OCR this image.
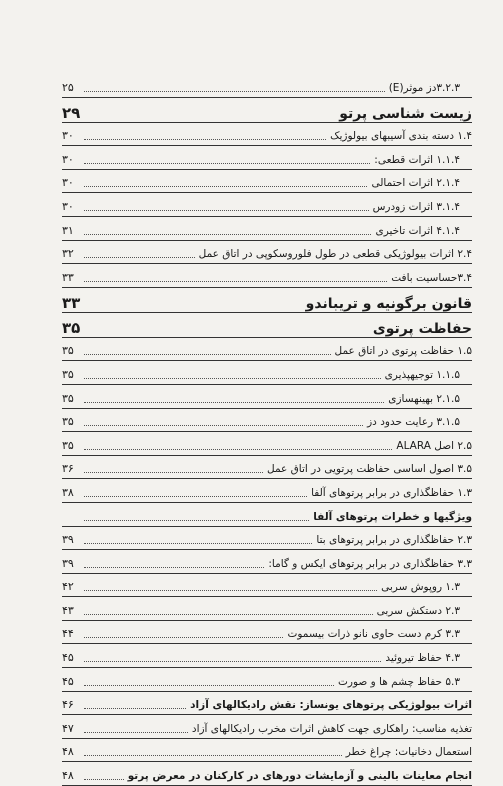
۳.۲.۳دز موثر(E)
۲۵
زیست شناسی پرتو
۲۹
۱.۴ دسته بندی آسیبهای بیولوژیک
۳۰
۱.۱.۴ اثرات قطعی:
۳۰
۲.۱.۴ اثرات احتمالی
۳۰
۳.۱.۴ اثرات زودرس
۳۰
۴.۱.۴ اثرات تاخیری
۳۱
۲.۴ اثرات بیولوژیکی قطعی در طول فلوروسکوپی در اتاق عمل
۳۲
۳.۴حساسیت بافت
۳۳
قانون برگونیه و تریباندو
۳۳
حفاظت پرتوی
۳۵
۱.۵ حفاظت پرتوی در اتاق عمل
۳۵
۱.۱.۵ توجیهپذیری
۳۵
۲.۱.۵ بهینهسازی
۳۵
۳.۱.۵ رعایت حدود دز
۳۵
۲.۵ اصل ALARA
۳۵
۳.۵ اصول اساسی حفاظت پرتویی در اتاق عمل
۳۶
۱.۳ حفاظگذاری در برابر پرتوهای آلفا
۳۸
ویژگیها و خطرات پرتوهای آلفا
۲.۳ حفاظگذاری در برابر پرتوهای بتا
۳۹
۳.۳ حفاظگذاری در برابر پرتوهای ایکس و گاما:
۳۹
۱.۳ روپوش سربی
۴۲
۲.۳ دستکش سربی
۴۳
۳.۳ کرم دست حاوی نانو ذرات بیسموت
۴۴
۴.۳ حفاظ تیروئید
۴۵
۵.۳ حفاظ چشم ها و صورت
۴۵
اثرات بیولوژیکی پرتوهای یونساز: نقش رادیکالهای آزاد
۴۶
تغذیه مناسب: راهکاری جهت کاهش اثرات مخرب رادیکالهای آزاد
۴۷
استعمال دخانیات: چراغ خطر
۴۸
انجام معاینات بالینی و آزمایشات دورهای در کارکنان در معرض پرتو
۴۸
